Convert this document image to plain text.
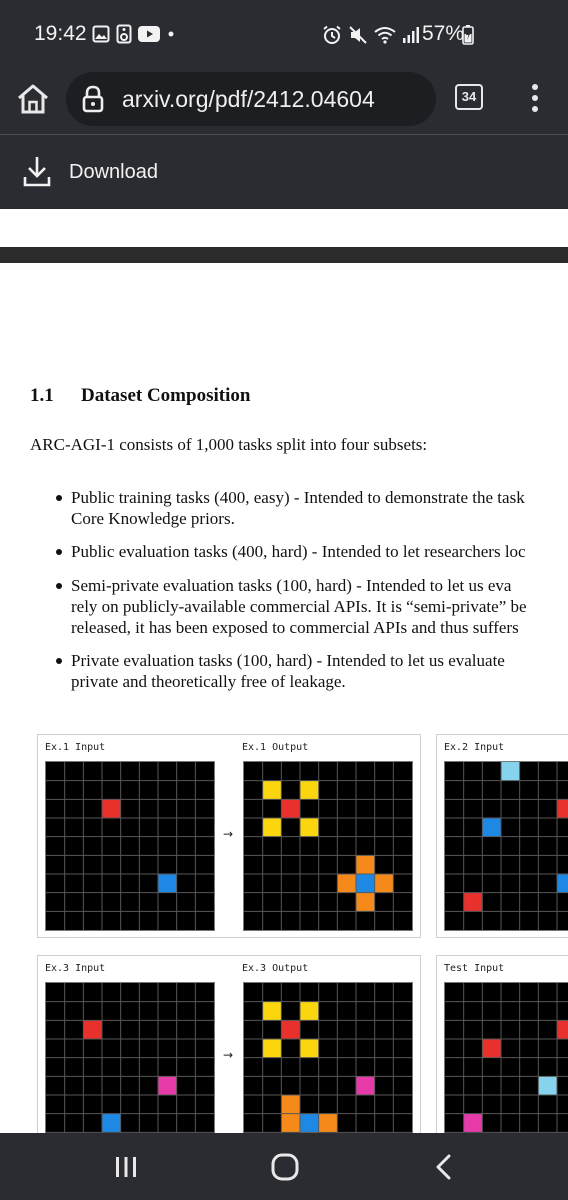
19:42	57%
arxiv.org/pdf/2412.04604	34
Download
1.1 Dataset Composition
ARC-AGI-1 consists of 1,000 tasks split into four subsets:
Public training tasks (400, easy) - Intended to demonstrate the task
Core Knowledge priors.
Public evaluation tasks (400, hard) - Intended to let researchers loc
Semi-private evaluation tasks (100, hard) - Intended to let us eva
rely on publicly-available commercial APIs. It is “semi-private” be
released, it has been exposed to commercial APIs and thus suffers
Private evaluation tasks (100, hard) - Intended to let us evaluate
private and theoretically free of leakage.
Ex.1 Input	Ex.1 Output	Ex.2 Input
Ex.3 Input	Ex.3 Output	Test Input
→
→
